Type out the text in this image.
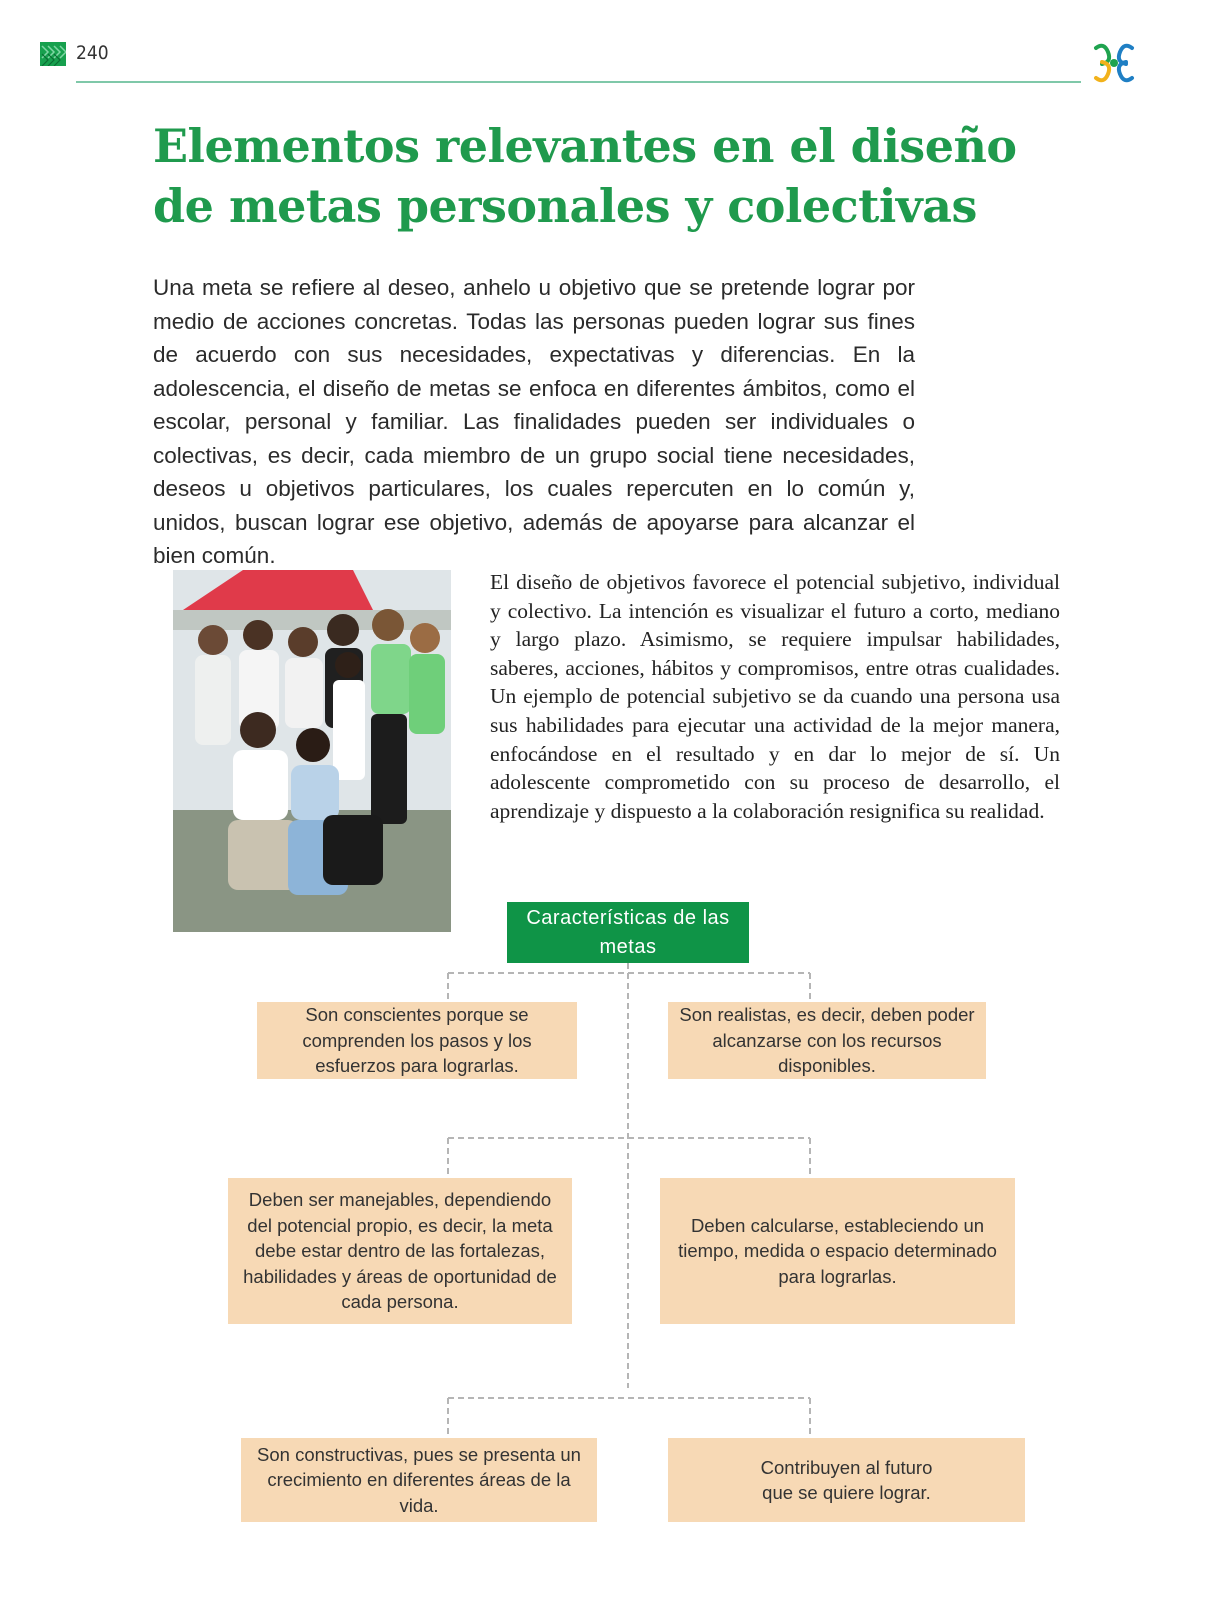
240
Elementos relevantes en el diseño de metas personales y colectivas
Una meta se refiere al deseo, anhelo u objetivo que se pretende lograr por medio de acciones concretas. Todas las personas pueden lograr sus fines de acuerdo con sus necesidades, expectativas y diferencias. En la adolescencia, el diseño de metas se enfoca en diferentes ámbitos, como el escolar, personal y familiar. Las finalidades pueden ser individuales o colectivas, es decir, cada miembro de un grupo social tiene necesidades, deseos u objetivos particulares, los cuales repercuten en lo común y, unidos, buscan lograr ese objetivo, además de apoyarse para alcanzar el bien común.
El diseño de objetivos favorece el potencial subjetivo, individual y colectivo. La intención es visualizar el futuro a corto, mediano y largo plazo. Asimismo, se requiere impulsar habilidades, saberes, acciones, hábitos y compromisos, entre otras cualidades. Un ejemplo de potencial subjetivo se da cuando una persona usa sus habilidades para ejecutar una actividad de la mejor manera, enfocándose en el resultado y en dar lo mejor de sí. Un adolescente comprometido con su proceso de desarrollo, el aprendizaje y dispuesto a la colaboración resignifica su realidad.
Características de las metas
Son conscientes porque se comprenden los pasos y los esfuerzos para lograrlas.
Son realistas, es decir, deben poder alcanzarse con los recursos disponibles.
Deben ser manejables, dependiendo del potencial propio, es decir, la meta debe estar dentro de las fortalezas, habilidades y áreas de oportunidad de cada persona.
Deben calcularse, estableciendo un tiempo, medida o espacio determinado para lograrlas.
Son constructivas, pues se presenta un crecimiento en diferentes áreas de la vida.
Contribuyen al futuro que se quiere lograr.
